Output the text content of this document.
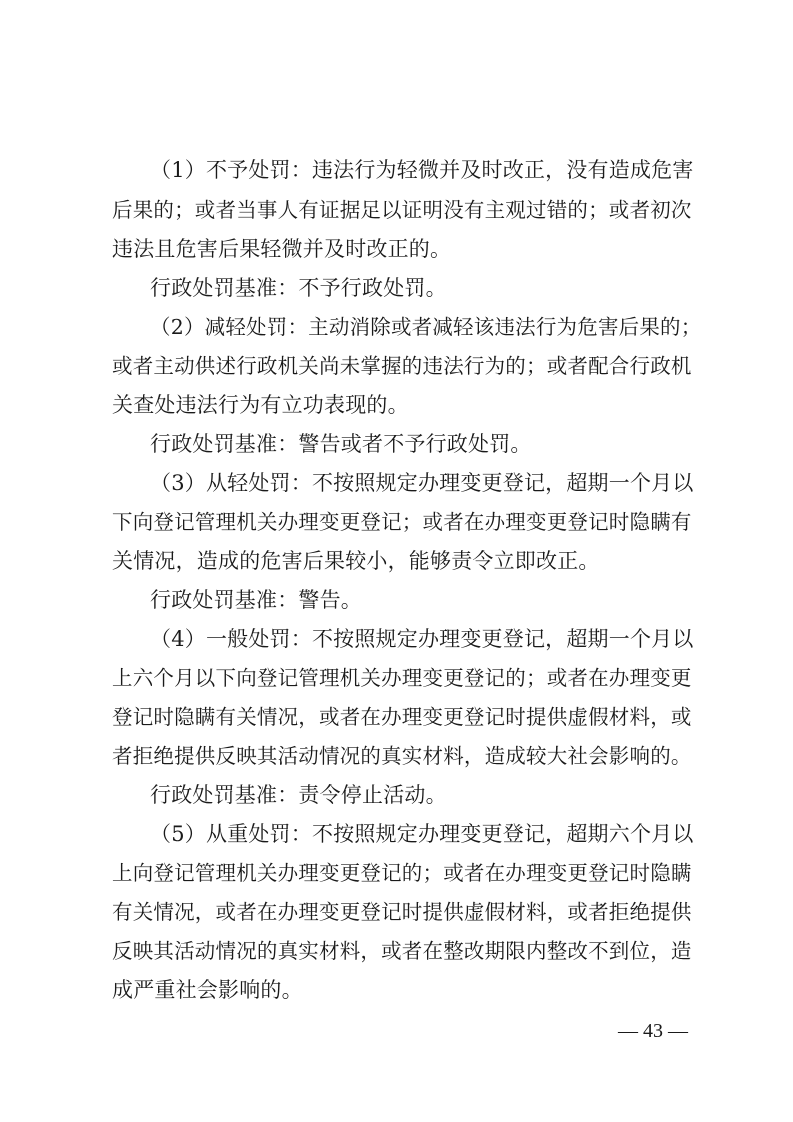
（1）不予处罚：违法行为轻微并及时改正，没有造成危害
后果的；或者当事人有证据足以证明没有主观过错的；或者初次
违法且危害后果轻微并及时改正的。
行政处罚基准：不予行政处罚。
（2）减轻处罚：主动消除或者减轻该违法行为危害后果的；
或者主动供述行政机关尚未掌握的违法行为的；或者配合行政机
关查处违法行为有立功表现的。
行政处罚基准：警告或者不予行政处罚。
（3）从轻处罚：不按照规定办理变更登记，超期一个月以
下向登记管理机关办理变更登记；或者在办理变更登记时隐瞒有
关情况，造成的危害后果较小，能够责令立即改正。
行政处罚基准：警告。
（4）一般处罚：不按照规定办理变更登记，超期一个月以
上六个月以下向登记管理机关办理变更登记的；或者在办理变更
登记时隐瞒有关情况，或者在办理变更登记时提供虚假材料，或
者拒绝提供反映其活动情况的真实材料，造成较大社会影响的。
行政处罚基准：责令停止活动。
（5）从重处罚：不按照规定办理变更登记，超期六个月以
上向登记管理机关办理变更登记的；或者在办理变更登记时隐瞒
有关情况，或者在办理变更登记时提供虚假材料，或者拒绝提供
反映其活动情况的真实材料，或者在整改期限内整改不到位，造
成严重社会影响的。
— 43 —
